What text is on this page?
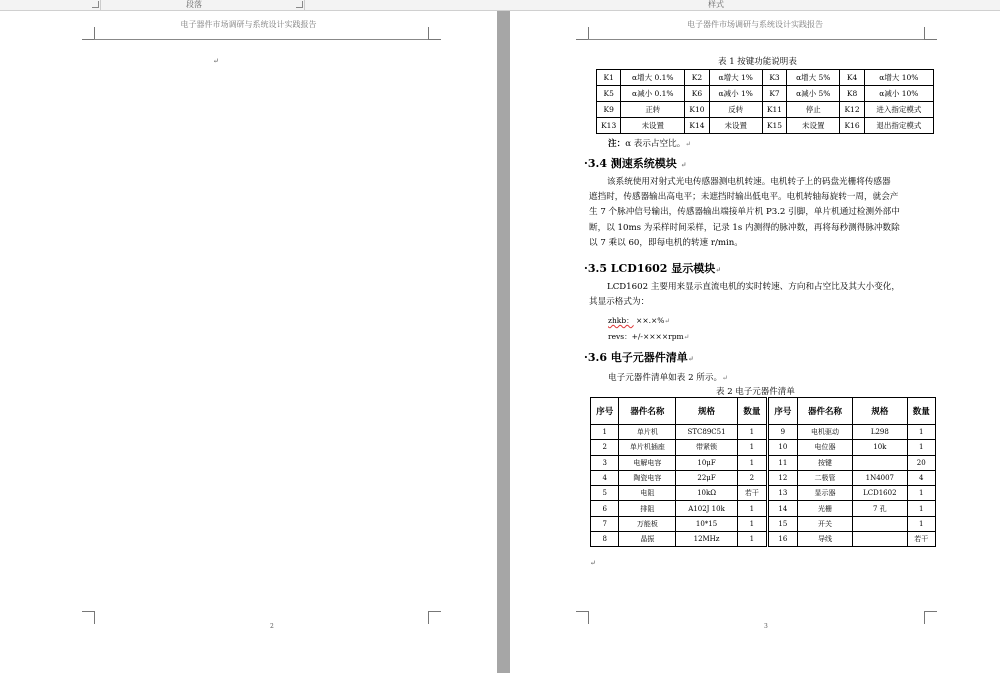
段落	样式
电子器件市场调研与系统设计实践报告
↵
2
电子器件市场调研与系统设计实践报告
表 1 按键功能说明表
K1	α增大 0.1%	K2	α增大 1%	K3	α增大 5%	K4	α增大 10%
K5	α减小 0.1%	K6	α减小 1%	K7	α减小 5%	K8	α减小 10%
K9	正转	K10	反转	K11	停止	K12	进入指定模式
K13	未设置	K14	未设置	K15	未设置	K16	退出指定模式
注：α 表示占空比。↵
·3.4 测速系统模块 ↵
该系统使用对射式光电传感器测电机转速。电机转子上的码盘光栅将传感器
遮挡时，传感器输出高电平；未遮挡时输出低电平。电机转轴每旋转一周，就会产
生 7 个脉冲信号输出，传感器输出端接单片机 P3.2 引脚，单片机通过检测外部中
断，以 10ms 为采样时间采样，记录 1s 内测得的脉冲数，再将每秒测得脉冲数除
以 7 乘以 60，即每电机的转速 r/min。
·3.5 LCD1602 显示模块↵
LCD1602 主要用来显示直流电机的实时转速、方向和占空比及其大小变化，
其显示格式为：
zhkb： ××.×%↵
revs：+/-××××rpm↵
·3.6 电子元器件清单↵
电子元器件清单如表 2 所示。↵
表 2 电子元器件清单
序号	器件名称	规格	数量	序号	器件名称	规格	数量
1	单片机	STC89C51	1	9	电机驱动	L298	1
2	单片机插座	带紧锁	1	10	电位器	10k	1
3	电解电容	10μF	1	11	按键		20
4	陶瓷电容	22μF	2	12	二极管	1N4007	4
5	电阻	10kΩ	若干	13	显示器	LCD1602	1
6	排阻	A102J 10k	1	14	光栅	7 孔	1
7	万能板	10*15	1	15	开关		1
8	晶振	12MHz	1	16	导线		若干
↵
3
